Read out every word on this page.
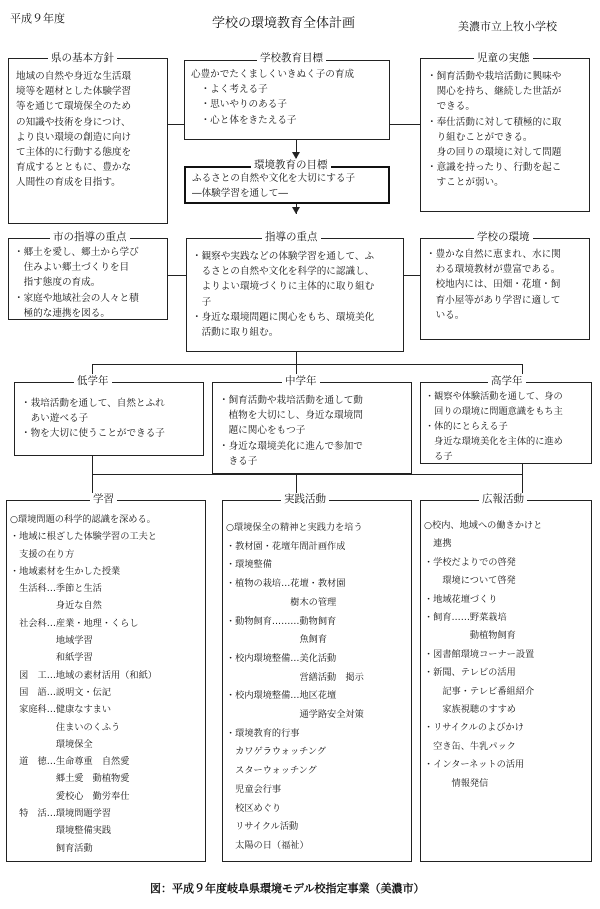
平成９年度	学校の環境教育全体計画	美濃市立上牧小学校
地域の自然や身近な生活環
境等を題材とした体験学習
等を通じて環境保全のため
の知識や技術を身につけ、
より良い環境の創造に向け
て主体的に行動する態度を
育成するとともに、豊かな
人間性の育成を目指す。
県の基本方針
心豊かでたくましくいきぬく子の育成
　・よく考える子
　・思いやりのある子
　・心と体をきたえる子
学校教育目標
・飼育活動や栽培活動に興味や
　関心を持ち、継続した世話が
　できる。
・奉仕活動に対して積極的に取
　り組むことができる。
　身の回りの環境に対して問題
・意識を持ったり、行動を起こ
　すことが弱い。
児童の実態
ふるさとの自然や文化を大切にする子
―体験学習を通して―
環境教育の目標
・郷土を愛し、郷土から学び
　住みよい郷土づくりを目
　指す態度の育成。
・家庭や地域社会の人々と積
　極的な連携を図る。
市の指導の重点
・観察や実践などの体験学習を通して、ふ
　るさとの自然や文化を科学的に認識し、
　よりよい環境づくりに主体的に取り組む
　子
・身近な環境問題に関心をもち、環境美化
　活動に取り組む。
指導の重点
・豊かな自然に恵まれ、水に関
　わる環境教材が豊富である。
　校地内には、田畑・花壇・飼
　育小屋等があり学習に適して
　いる。
学校の環境
・栽培活動を通して、自然とふれ
　あい遊べる子
・物を大切に使うことができる子
低学年
・飼育活動や栽培活動を通して動
　植物を大切にし、身近な環境問
　題に関心をもつ子
・身近な環境美化に進んで参加で
　きる子
中学年
・観察や体験活動を通して、身の
　回りの環境に問題意識をもち主
・体的にとらえる子
　身近な環境美化を主体的に進め
　る子
高学年
○環境問題の科学的認識を深める。
・地域に根ざした体験学習の工夫と
　支援の在り方
・地域素材を生かした授業
　生活科…季節と生活
　　　　　身近な自然
　社会科…産業・地理・くらし
　　　　　地域学習
　　　　　和紙学習
　図　工…地域の素材活用（和紙）
　国　語…説明文・伝記
　家庭科…健康なすまい
　　　　　住まいのくふう
　　　　　環境保全
　道　徳…生命尊重　自然愛
　　　　　郷土愛　動植物愛
　　　　　愛校心　勤労奉仕
　特　活…環境問題学習
　　　　　環境整備実践
　　　　　飼育活動
学習
○環境保全の精神と実践力を培う
・教材園・花壇年間計画作成
・環境整備
・植物の栽培…花壇・教材園
　　　　　　　樹木の管理
・動物飼育………動物飼育
　　　　　　　　魚飼育
・校内環境整備…美化活動
　　　　　　　　営繕活動　掲示
・校内環境整備…地区花壇
　　　　　　　　通学路安全対策
・環境教育的行事
　カワゲラウォッチング
　スターウォッチング
　児童会行事
　校区めぐり
　リサイクル活動
　太陽の日（福祉）
実践活動
○校内、地域への働きかけと
　連携
・学校だよりでの啓発
　　環境について啓発
・地域花壇づくり
・飼育……野菜栽培
　　　　　動植物飼育
・図書館環境コーナー設置
・新聞、テレビの活用
　　記事・テレビ番組紹介
　　家族視聴のすすめ
・リサイクルのよびかけ
　空き缶、牛乳パック
・インターネットの活用
　　　情報発信
広報活動
図：平成９年度岐阜県環境モデル校指定事業（美濃市）
